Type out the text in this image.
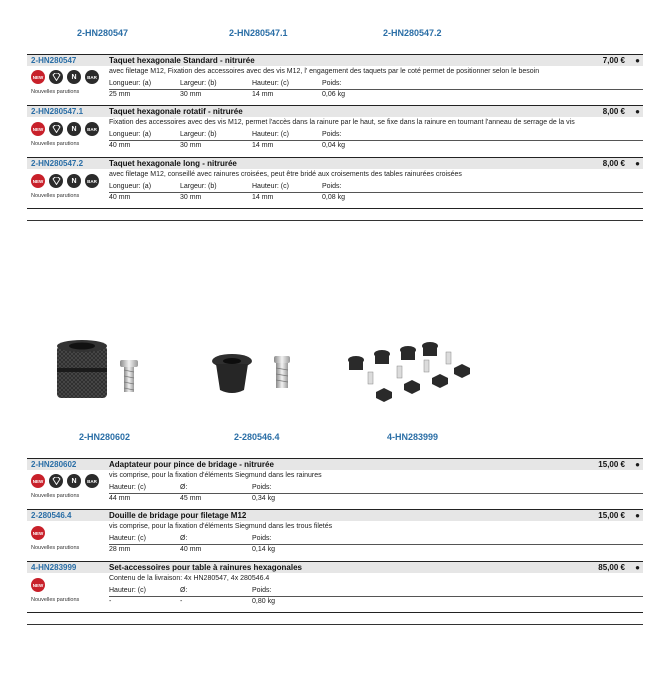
2-HN280547	2-HN280547.1	2-HN280547.2
2-HN280547	Taquet hexagonale Standard - nitrurée	7,00 € ●
NEW	N	BAR
Nouvelles parutions
avec filetage M12, Fixation des accessoires avec des vis M12, l' engagement des taquets par le coté permet de positionner selon le besoin
Longueur: (a)	Largeur: (b)	Hauteur: (c)	Poids:
25 mm	30 mm	14 mm	0,06 kg
2-HN280547.1	Taquet hexagonale rotatif - nitrurée	8,00 € ●
NEW	N	BAR
Nouvelles parutions
Fixation des accessoires avec des vis M12, permet l'accès dans la rainure par le haut, se fixe dans la rainure en tournant l'anneau de serrage de la vis
Longueur: (a)	Largeur: (b)	Hauteur: (c)	Poids:
40 mm	30 mm	14 mm	0,04 kg
2-HN280547.2	Taquet hexagonale long - nitrurée	8,00 € ●
NEW	N	BAR
Nouvelles parutions
avec filetage M12, conseillé avec rainures croisées, peut être bridé aux croisements des tables rainurées croisées
Longueur: (a)	Largeur: (b)	Hauteur: (c)	Poids:
40 mm	30 mm	14 mm	0,08 kg
2-HN280602	2-280546.4	4-HN283999
2-HN280602	Adaptateur pour pince de bridage - nitrurée	15,00 € ●
NEW	N	BAR
Nouvelles parutions
vis comprise, pour la fixation d'éléments Siegmund dans les rainures
Hauteur: (c)	Ø:	Poids:
44 mm	45 mm	0,34 kg
2-280546.4	Douille de bridage pour filetage M12	15,00 € ●
NEW
Nouvelles parutions
vis comprise, pour la fixation d'éléments Siegmund dans les trous filetés
Hauteur: (c)	Ø:	Poids:
28 mm	40 mm	0,14 kg
4-HN283999	Set-accessoires pour table à rainures hexagonales	85,00 € ●
NEW
Nouvelles parutions
Contenu de la livraison: 4x HN280547, 4x 280546.4
Hauteur: (c)	Ø:	Poids:
-	-	0,80 kg
